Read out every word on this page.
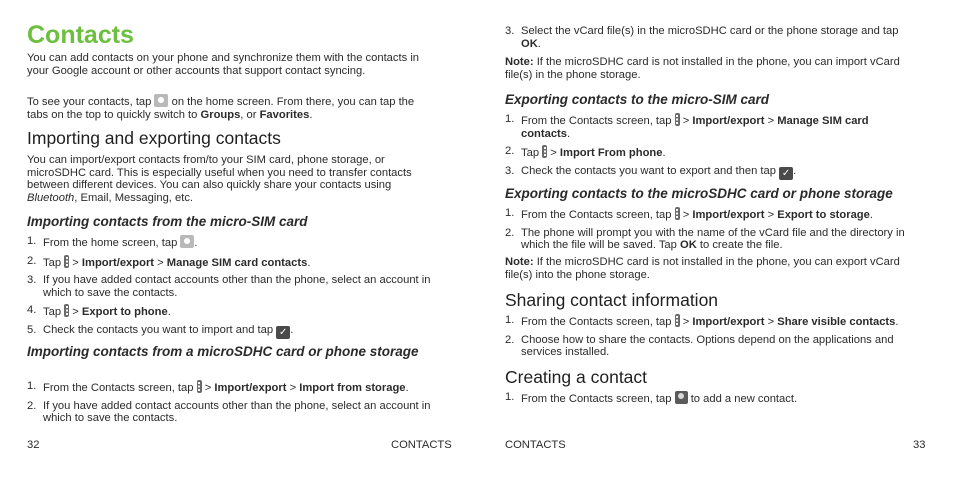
Contacts

You can add contacts on your phone and synchronize them with the contacts in your Google account or other accounts that support contact syncing.

To see your contacts, tap on the home screen. From there, you can tap the tabs on the top to quickly switch to Groups, or Favorites.

Importing and exporting contacts

You can import/export contacts from/to your SIM card, phone storage, or microSDHC card. This is especially useful when you need to transfer contacts between different devices. You can also quickly share your contacts using Bluetooth, Email, Messaging, etc.

Importing contacts from the micro-SIM card
1. From the home screen, tap .
2. Tap > Import/export > Manage SIM card contacts.
3. If you have added contact accounts other than the phone, select an account in which to save the contacts.
4. Tap > Export to phone.
5. Check the contacts you want to import and tap ✓ .
Importing contacts from a microSDHC card or phone storage
1. From the Contacts screen, tap > Import/export > Import from storage.
2. If you have added contact accounts other than the phone, select an account in which to save the contacts.
32	CONTACTS
3. Select the vCard file(s) in the microSDHC card or the phone storage and tap OK.

Note: If the microSDHC card is not installed in the phone, you can import vCard file(s) in the phone storage.

Exporting contacts to the micro-SIM card
1. From the Contacts screen, tap > Import/export > Manage SIM card contacts.
2. Tap > Import From phone.
3. Check the contacts you want to export and then tap ✓ .
Exporting contacts to the microSDHC card or phone storage
1. From the Contacts screen, tap > Import/export > Export to storage.
2. The phone will prompt you with the name of the vCard file and the directory in which the file will be saved. Tap OK to create the file.

Note: If the microSDHC card is not installed in the phone, you can export vCard file(s) into the phone storage.

Sharing contact information
1. From the Contacts screen, tap > Import/export > Share visible contacts.
2. Choose how to share the contacts. Options depend on the applications and services installed.
Creating a contact
1. From the Contacts screen, tap to add a new contact.
CONTACTS	33
